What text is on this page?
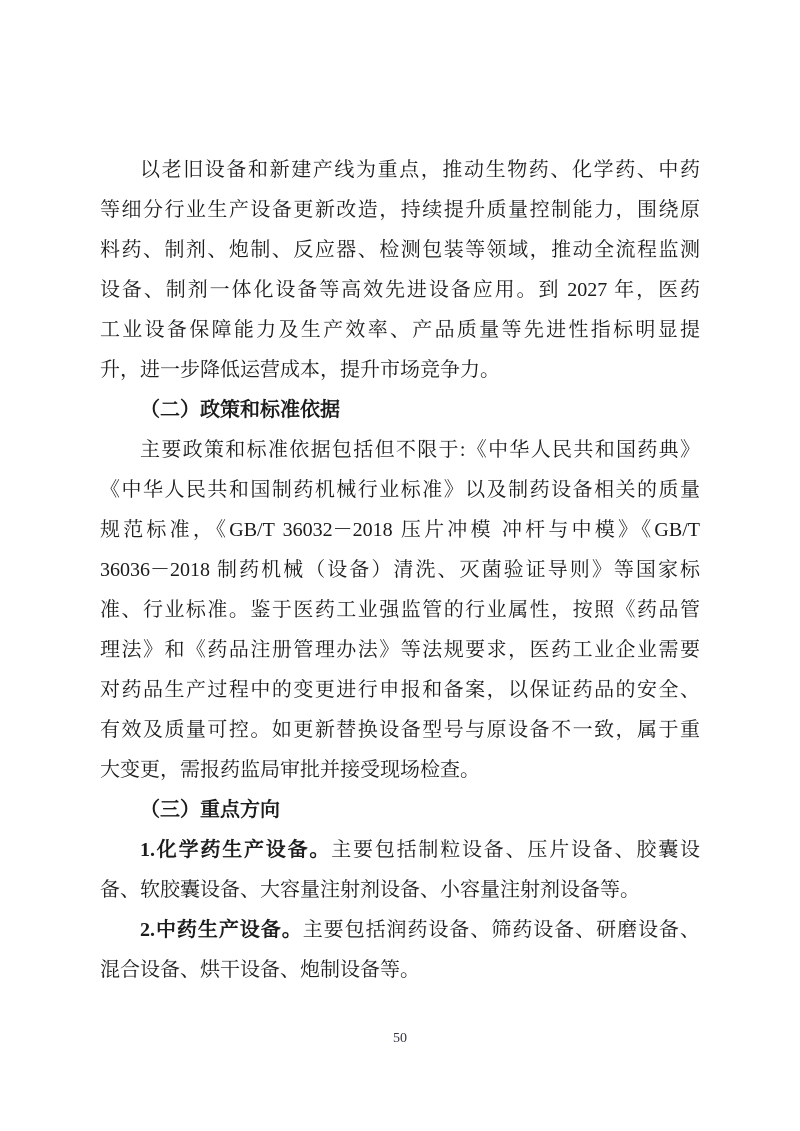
以老旧设备和新建产线为重点，推动生物药、化学药、中药
等细分行业生产设备更新改造，持续提升质量控制能力，围绕原
料药、制剂、炮制、反应器、检测包装等领域，推动全流程监测
设备、制剂一体化设备等高效先进设备应用。到 2027 年，医药
工业设备保障能力及生产效率、产品质量等先进性指标明显提
升，进一步降低运营成本，提升市场竞争力。
（二）政策和标准依据
主要政策和标准依据包括但不限于:《中华人民共和国药典》
《中华人民共和国制药机械行业标准》以及制药设备相关的质量
规范标准，《GB/T 36032－2018 压片冲模 冲杆与中模》《GB/T
36036－2018 制药机械（设备）清洗、灭菌验证导则》等国家标
准、行业标准。鉴于医药工业强监管的行业属性，按照《药品管
理法》和《药品注册管理办法》等法规要求，医药工业企业需要
对药品生产过程中的变更进行申报和备案，以保证药品的安全、
有效及质量可控。如更新替换设备型号与原设备不一致，属于重
大变更，需报药监局审批并接受现场检查。
（三）重点方向
1.化学药生产设备。主要包括制粒设备、压片设备、胶囊设
备、软胶囊设备、大容量注射剂设备、小容量注射剂设备等。
2.中药生产设备。主要包括润药设备、筛药设备、研磨设备、
混合设备、烘干设备、炮制设备等。
50
